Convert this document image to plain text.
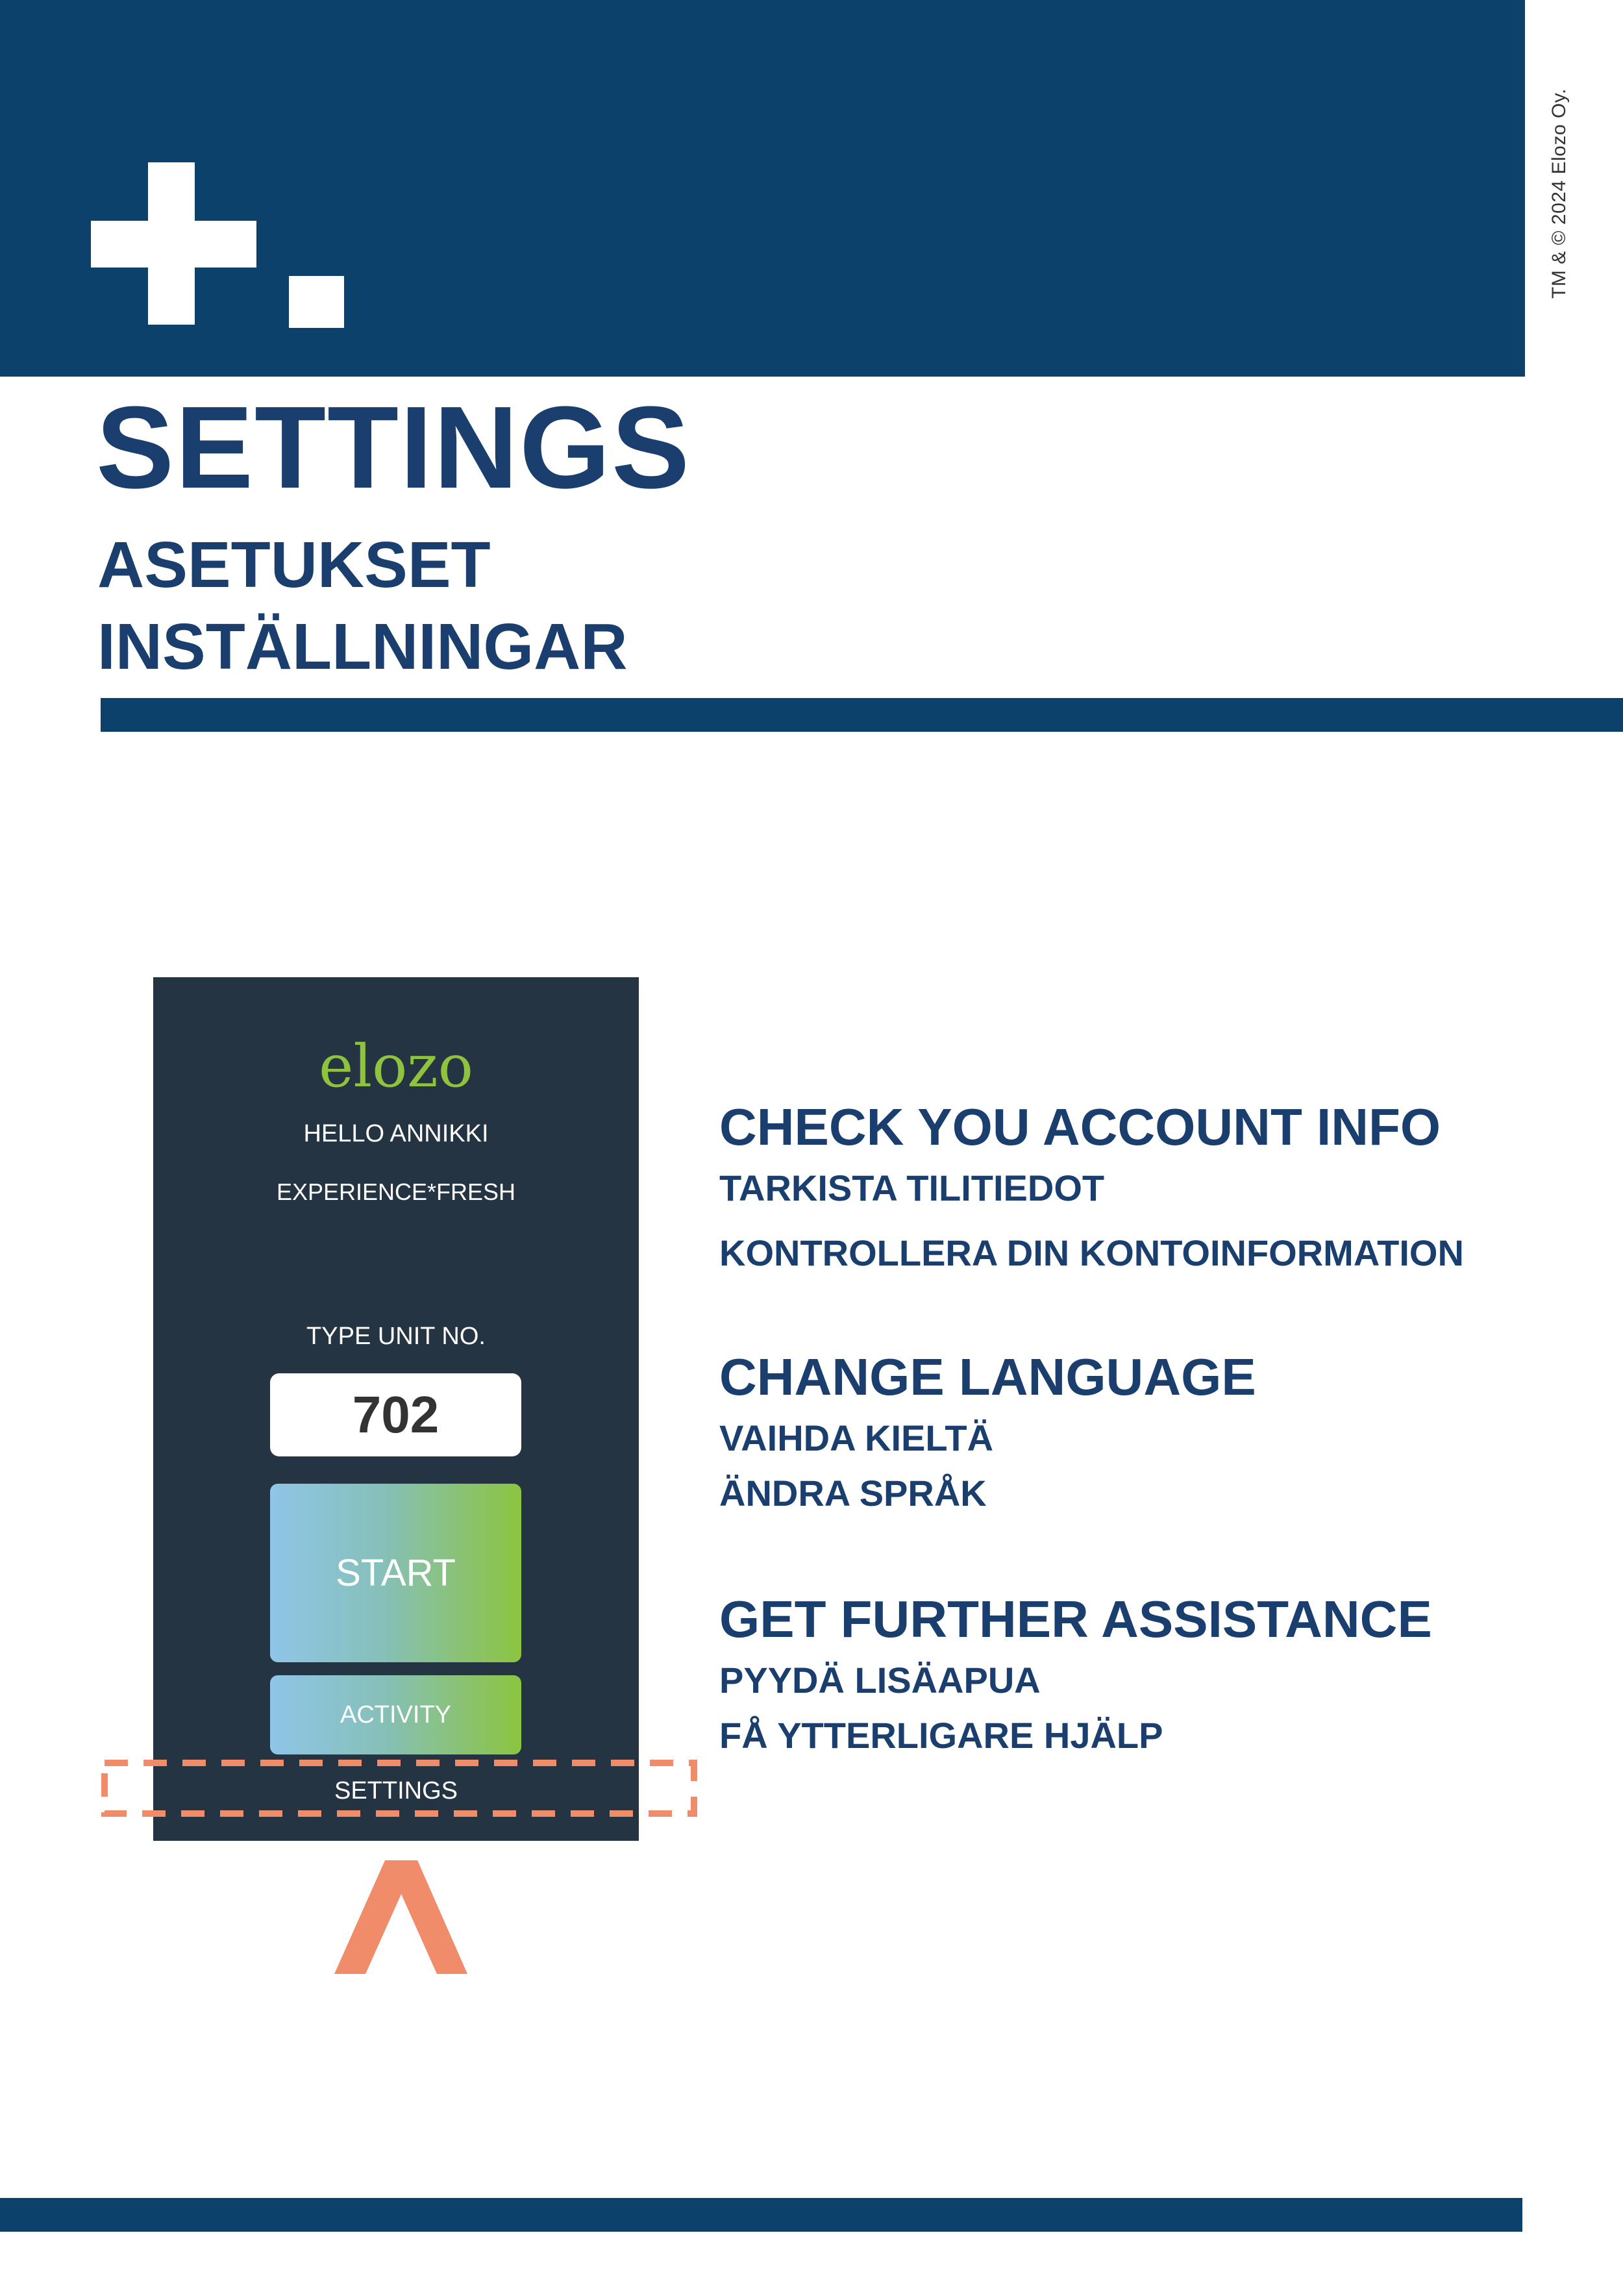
TM & © 2024 Elozo Oy.
SETTINGS
ASETUKSET
INSTÄLLNINGAR
elozo
HELLO ANNIKKI
EXPERIENCE*FRESH
TYPE UNIT NO.
702
START
ACTIVITY
SETTINGS
CHECK YOU ACCOUNT INFO
TARKISTA TILITIEDOT
KONTROLLERA DIN KONTOINFORMATION
CHANGE LANGUAGE
VAIHDA KIELTÄ
ÄNDRA SPRÅK
GET FURTHER ASSISTANCE
PYYDÄ LISÄAPUA
FÅ YTTERLIGARE HJÄLP
